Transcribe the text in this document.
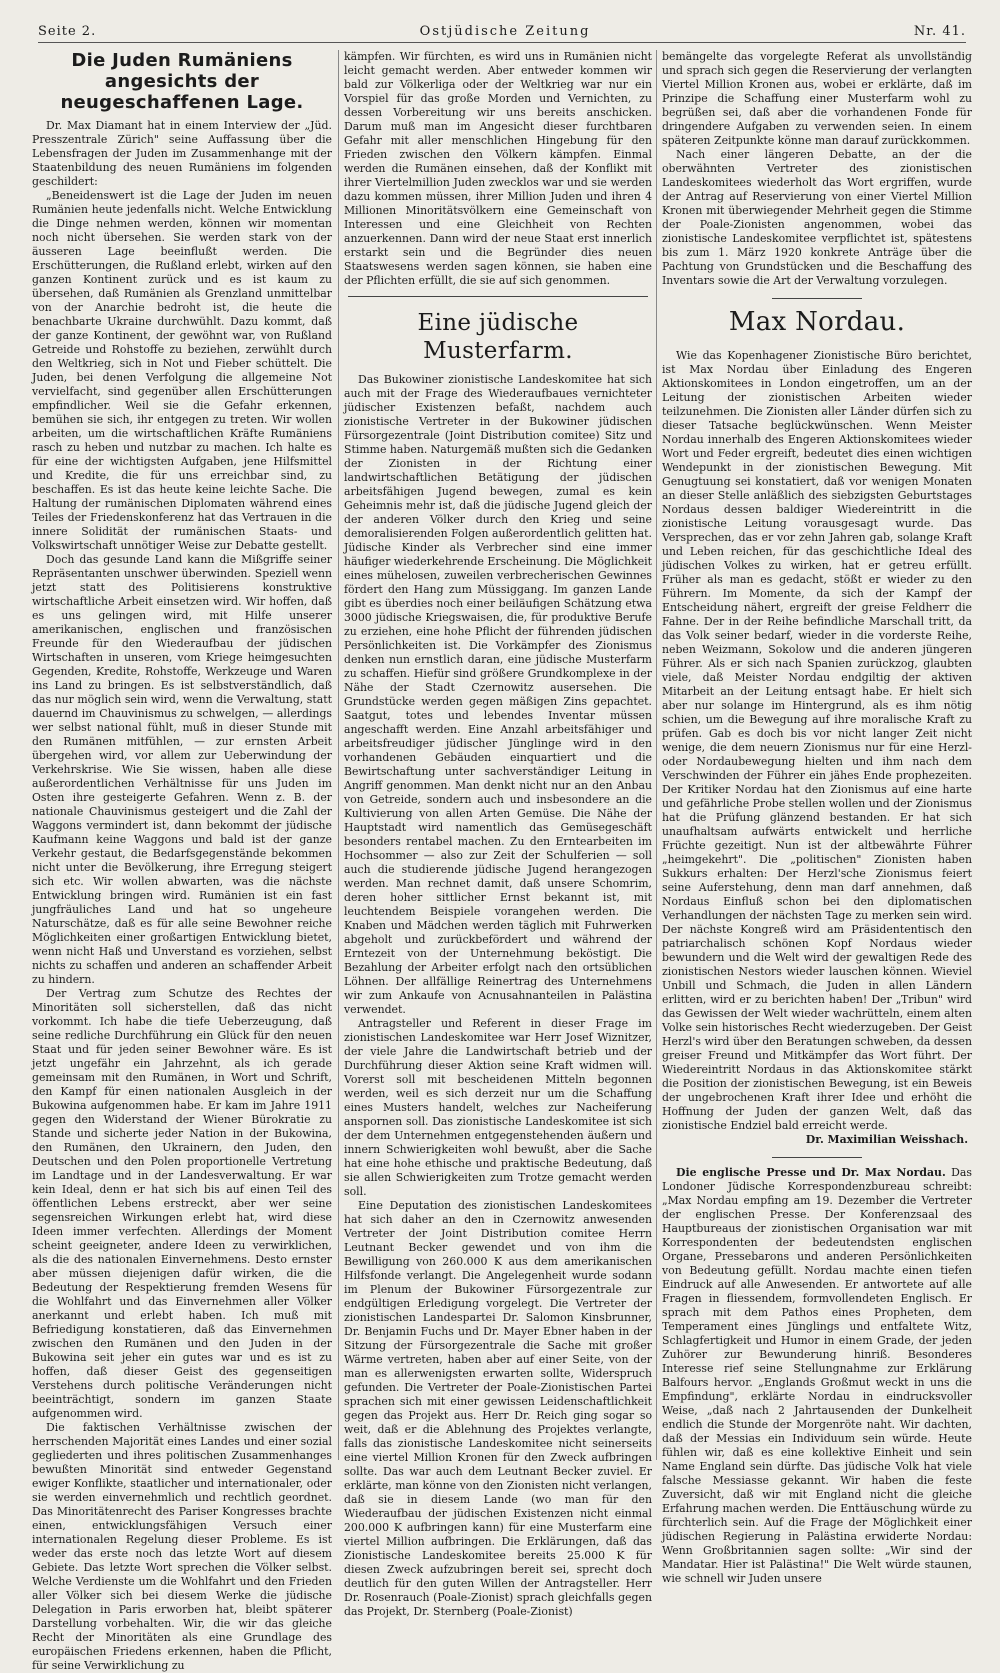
Seite 2.	Ostjüdische Zeitung	Nr. 41.
Die Juden Rumäniens angesichts der neugeschaffenen Lage.

Dr. Max Diamant hat in einem Interview der „Jüd. Presszentrale Zürich" seine Auffassung über die Lebensfragen der Juden im Zusammenhange mit der Staatenbildung des neuen Rumäniens im folgenden geschildert:

„Beneidenswert ist die Lage der Juden im neuen Rumänien heute jedenfalls nicht. Welche Entwicklung die Dinge nehmen werden, können wir momentan noch nicht übersehen. Sie werden stark von der äusseren Lage beeinflußt werden. Die Erschütterungen, die Rußland erlebt, wirken auf den ganzen Kontinent zurück und es ist kaum zu übersehen, daß Rumänien als Grenzland unmittelbar von der Anarchie bedroht ist, die heute die benachbarte Ukraine durchwühlt. Dazu kommt, daß der ganze Kontinent, der gewöhnt war, von Rußland Getreide und Rohstoffe zu beziehen, zerwühlt durch den Weltkrieg, sich in Not und Fieber schüttelt. Die Juden, bei denen Verfolgung die allgemeine Not vervielfacht, sind gegenüber allen Erschütterungen empfindlicher. Weil sie die Gefahr erkennen, bemühen sie sich, ihr entgegen zu treten. Wir wollen arbeiten, um die wirtschaftlichen Kräfte Rumäniens rasch zu heben und nutzbar zu machen. Ich halte es für eine der wichtigsten Aufgaben, jene Hilfsmittel und Kredite, die für uns erreichbar sind, zu beschaffen. Es ist das heute keine leichte Sache. Die Haltung der rumänischen Diplomaten während eines Teiles der Friedenskonferenz hat das Vertrauen in die innere Solidität der rumänischen Staats- und Volkswirtschaft unnötiger Weise zur Debatte gestellt.

Doch das gesunde Land kann die Mißgriffe seiner Repräsentanten unschwer überwinden. Speziell wenn jetzt statt des Politisierens konstruktive wirtschaftliche Arbeit einsetzen wird. Wir hoffen, daß es uns gelingen wird, mit Hilfe unserer amerikanischen, englischen und französischen Freunde für den Wiederaufbau der jüdischen Wirtschaften in unseren, vom Kriege heimgesuchten Gegenden, Kredite, Rohstoffe, Werkzeuge und Waren ins Land zu bringen. Es ist selbstverständlich, daß das nur möglich sein wird, wenn die Verwaltung, statt dauernd im Chauvinismus zu schwelgen, — allerdings wer selbst national fühlt, muß in dieser Stunde mit den Rumänen mitfühlen, — zur ernsten Arbeit übergehen wird, vor allem zur Ueberwindung der Verkehrskrise. Wie Sie wissen, haben alle diese außerordentlichen Verhältnisse für uns Juden im Osten ihre gesteigerte Gefahren. Wenn z. B. der nationale Chauvinismus gesteigert und die Zahl der Waggons vermindert ist, dann bekommt der jüdische Kaufmann keine Waggons und bald ist der ganze Verkehr gestaut, die Bedarfsgegenstände bekommen nicht unter die Bevölkerung, ihre Erregung steigert sich etc. Wir wollen abwarten, was die nächste Entwicklung bringen wird. Rumänien ist ein fast jungfräuliches Land und hat so ungeheure Naturschätze, daß es für alle seine Bewohner reiche Möglichkeiten einer großartigen Entwicklung bietet, wenn nicht Haß und Unverstand es vorziehen, selbst nichts zu schaffen und anderen an schaffender Arbeit zu hindern.

Der Vertrag zum Schutze des Rechtes der Minoritäten soll sicherstellen, daß das nicht vorkommt. Ich habe die tiefe Ueberzeugung, daß seine redliche Durchführung ein Glück für den neuen Staat und für jeden seiner Bewohner wäre. Es ist jetzt ungefähr ein Jahrzehnt, als ich gerade gemeinsam mit den Rumänen, in Wort und Schrift, den Kampf für einen nationalen Ausgleich in der Bukowina aufgenommen habe. Er kam im Jahre 1911 gegen den Widerstand der Wiener Bürokratie zu Stande und sicherte jeder Nation in der Bukowina, den Rumänen, den Ukrainern, den Juden, den Deutschen und den Polen proportionelle Vertretung im Landtage und in der Landesverwaltung. Er war kein Ideal, denn er hat sich bis auf einen Teil des öffentlichen Lebens erstreckt, aber wer seine segensreichen Wirkungen erlebt hat, wird diese Ideen immer verfechten. Allerdings der Moment scheint geeigneter, andere Ideen zu verwirklichen, als die des nationalen Einvernehmens. Desto ernster aber müssen diejenigen dafür wirken, die die Bedeutung der Respektierung fremden Wesens für die Wohlfahrt und das Einvernehmen aller Völker anerkannt und erlebt haben. Ich muß mit Befriedigung konstatieren, daß das Einvernehmen zwischen den Rumänen und den Juden in der Bukowina seit jeher ein gutes war und es ist zu hoffen, daß dieser Geist des gegenseitigen Verstehens durch politische Veränderungen nicht beeinträchtigt, sondern im ganzen Staate aufgenommen wird.

Die faktischen Verhältnisse zwischen der herrschenden Majorität eines Landes und einer sozial gegliederten und ihres politischen Zusammenhanges bewußten Minorität sind entweder Gegenstand ewiger Konflikte, staatlicher und internationaler, oder sie werden einvernehmlich und rechtlich geordnet. Das Minoritätenrecht des Pariser Kongresses brachte einen, entwicklungsfähigen Versuch einer internationalen Regelung dieser Probleme. Es ist weder das erste noch das letzte Wort auf diesem Gebiete. Das letzte Wort sprechen die Völker selbst. Welche Verdienste um die Wohlfahrt und den Frieden aller Völker sich bei diesem Werke die jüdische Delegation in Paris erworben hat, bleibt späterer Darstellung vorbehalten. Wir, die wir das gleiche Recht der Minoritäten als eine Grundlage des europäischen Friedens erkennen, haben die Pflicht, für seine Verwirklichung zu

kämpfen. Wir fürchten, es wird uns in Rumänien nicht leicht gemacht werden. Aber entweder kommen wir bald zur Völkerliga oder der Weltkrieg war nur ein Vorspiel für das große Morden und Vernichten, zu dessen Vorbereitung wir uns bereits anschicken. Darum muß man im Angesicht dieser furchtbaren Gefahr mit aller menschlichen Hingebung für den Frieden zwischen den Völkern kämpfen. Einmal werden die Rumänen einsehen, daß der Konflikt mit ihrer Viertelmillion Juden zwecklos war und sie werden dazu kommen müssen, ihrer Million Juden und ihren 4 Millionen Minoritätsvölkern eine Gemeinschaft von Interessen und eine Gleichheit von Rechten anzuerkennen. Dann wird der neue Staat erst innerlich erstarkt sein und die Begründer dies neuen Staatswesens werden sagen können, sie haben eine der Pflichten erfüllt, die sie auf sich genommen.

Eine jüdische Musterfarm.

Das Bukowiner zionistische Landeskomitee hat sich auch mit der Frage des Wiederaufbaues vernichteter jüdischer Existenzen befaßt, nachdem auch zionistische Vertreter in der Bukowiner jüdischen Fürsorgezentrale (Joint Distribution comitee) Sitz und Stimme haben. Naturgemäß mußten sich die Gedanken der Zionisten in der Richtung einer landwirtschaftlichen Betätigung der jüdischen arbeitsfähigen Jugend bewegen, zumal es kein Geheimnis mehr ist, daß die jüdische Jugend gleich der der anderen Völker durch den Krieg und seine demoralisierenden Folgen außerordentlich gelitten hat. Jüdische Kinder als Verbrecher sind eine immer häufiger wiederkehrende Erscheinung. Die Möglichkeit eines mühelosen, zuweilen verbrecherischen Gewinnes fördert den Hang zum Müssiggang. Im ganzen Lande gibt es überdies noch einer beiläufigen Schätzung etwa 3000 jüdische Kriegswaisen, die, für produktive Berufe zu erziehen, eine hohe Pflicht der führenden jüdischen Persönlichkeiten ist. Die Vorkämpfer des Zionismus denken nun ernstlich daran, eine jüdische Musterfarm zu schaffen. Hiefür sind größere Grundkomplexe in der Nähe der Stadt Czernowitz ausersehen. Die Grundstücke werden gegen mäßigen Zins gepachtet. Saatgut, totes und lebendes Inventar müssen angeschafft werden. Eine Anzahl arbeitsfähiger und arbeitsfreudiger jüdischer Jünglinge wird in den vorhandenen Gebäuden einquartiert und die Bewirtschaftung unter sachverständiger Leitung in Angriff genommen. Man denkt nicht nur an den Anbau von Getreide, sondern auch und insbesondere an die Kultivierung von allen Arten Gemüse. Die Nähe der Hauptstadt wird namentlich das Gemüsegeschäft besonders rentabel machen. Zu den Erntearbeiten im Hochsommer — also zur Zeit der Schulferien — soll auch die studierende jüdische Jugend herangezogen werden. Man rechnet damit, daß unsere Schomrim, deren hoher sittlicher Ernst bekannt ist, mit leuchtendem Beispiele vorangehen werden. Die Knaben und Mädchen werden täglich mit Fuhrwerken abgeholt und zurückbefördert und während der Erntezeit von der Unternehmung beköstigt. Die Bezahlung der Arbeiter erfolgt nach den ortsüblichen Löhnen. Der allfällige Reinertrag des Unternehmens wir zum Ankaufe von Acnusahnanteilen in Palästina verwendet.

Antragsteller und Referent in dieser Frage im zionistischen Landeskomitee war Herr Josef Wiznitzer, der viele Jahre die Landwirtschaft betrieb und der Durchführung dieser Aktion seine Kraft widmen will. Vorerst soll mit bescheidenen Mitteln begonnen werden, weil es sich derzeit nur um die Schaffung eines Musters handelt, welches zur Nacheiferung anspornen soll. Das zionistische Landeskomitee ist sich der dem Unternehmen entgegenstehenden äußern und innern Schwierigkeiten wohl bewußt, aber die Sache hat eine hohe ethische und praktische Bedeutung, daß sie allen Schwierigkeiten zum Trotze gemacht werden soll.

Eine Deputation des zionistischen Landeskomitees hat sich daher an den in Czernowitz anwesenden Vertreter der Joint Distribution comitee Herrn Leutnant Becker gewendet und von ihm die Bewilligung von 260.000 K aus dem amerikanischen Hilfsfonde verlangt. Die Angelegenheit wurde sodann im Plenum der Bukowiner Fürsorgezentrale zur endgültigen Erledigung vorgelegt. Die Vertreter der zionistischen Landespartei Dr. Salomon Kinsbrunner, Dr. Benjamin Fuchs und Dr. Mayer Ebner haben in der Sitzung der Fürsorgezentrale die Sache mit großer Wärme vertreten, haben aber auf einer Seite, von der man es allerwenigsten erwarten sollte, Widerspruch gefunden. Die Vertreter der Poale-Zionistischen Partei sprachen sich mit einer gewissen Leidenschaftlichkeit gegen das Projekt aus. Herr Dr. Reich ging sogar so weit, daß er die Ablehnung des Projektes verlangte, falls das zionistische Landeskomitee nicht seinerseits eine viertel Million Kronen für den Zweck aufbringen sollte. Das war auch dem Leutnant Becker zuviel. Er erklärte, man könne von den Zionisten nicht verlangen, daß sie in diesem Lande (wo man für den Wiederaufbau der jüdischen Existenzen nicht einmal 200.000 K aufbringen kann) für eine Musterfarm eine viertel Million aufbringen. Die Erklärungen, daß das Zionistische Landeskomitee bereits 25.000 K für diesen Zweck aufzubringen bereit sei, sprecht doch deutlich für den guten Willen der Antragsteller. Herr Dr. Rosenrauch (Poale-Zionist) sprach gleichfalls gegen das Projekt, Dr. Sternberg (Poale-Zionist)

bemängelte das vorgelegte Referat als unvollständig und sprach sich gegen die Reservierung der verlangten Viertel Million Kronen aus, wobei er erklärte, daß im Prinzipe die Schaffung einer Musterfarm wohl zu begrüßen sei, daß aber die vorhandenen Fonde für dringendere Aufgaben zu verwenden seien. In einem späteren Zeitpunkte könne man darauf zurückkommen.

Nach einer längeren Debatte, an der die oberwähnten Vertreter des zionistischen Landeskomitees wiederholt das Wort ergriffen, wurde der Antrag auf Reservierung von einer Viertel Million Kronen mit überwiegender Mehrheit gegen die Stimme der Poale-Zionisten angenommen, wobei das zionistische Landeskomitee verpflichtet ist, spätestens bis zum 1. März 1920 konkrete Anträge über die Pachtung von Grundstücken und die Beschaffung des Inventars sowie die Art der Verwaltung vorzulegen.

Max Nordau.

Wie das Kopenhagener Zionistische Büro berichtet, ist Max Nordau über Einladung des Engeren Aktionskomitees in London eingetroffen, um an der Leitung der zionistischen Arbeiten wieder teilzunehmen. Die Zionisten aller Länder dürfen sich zu dieser Tatsache beglückwünschen. Wenn Meister Nordau innerhalb des Engeren Aktionskomitees wieder Wort und Feder ergreift, bedeutet dies einen wichtigen Wendepunkt in der zionistischen Bewegung. Mit Genugtuung sei konstatiert, daß vor wenigen Monaten an dieser Stelle anläßlich des siebzigsten Geburtstages Nordaus dessen baldiger Wiedereintritt in die zionistische Leitung vorausgesagt wurde. Das Versprechen, das er vor zehn Jahren gab, solange Kraft und Leben reichen, für das geschichtliche Ideal des jüdischen Volkes zu wirken, hat er getreu erfüllt. Früher als man es gedacht, stößt er wieder zu den Führern. Im Momente, da sich der Kampf der Entscheidung nähert, ergreift der greise Feldherr die Fahne. Der in der Reihe befindliche Marschall tritt, da das Volk seiner bedarf, wieder in die vorderste Reihe, neben Weizmann, Sokolow und die anderen jüngeren Führer. Als er sich nach Spanien zurückzog, glaubten viele, daß Meister Nordau endgiltig der aktiven Mitarbeit an der Leitung entsagt habe. Er hielt sich aber nur solange im Hintergrund, als es ihm nötig schien, um die Bewegung auf ihre moralische Kraft zu prüfen. Gab es doch bis vor nicht langer Zeit nicht wenige, die dem neuern Zionismus nur für eine Herzl- oder Nordaubewegung hielten und ihm nach dem Verschwinden der Führer ein jähes Ende prophezeiten. Der Kritiker Nordau hat den Zionismus auf eine harte und gefährliche Probe stellen wollen und der Zionismus hat die Prüfung glänzend bestanden. Er hat sich unaufhaltsam aufwärts entwickelt und herrliche Früchte gezeitigt. Nun ist der altbewährte Führer „heimgekehrt". Die „politischen" Zionisten haben Sukkurs erhalten: Der Herzl'sche Zionismus feiert seine Auferstehung, denn man darf annehmen, daß Nordaus Einfluß schon bei den diplomatischen Verhandlungen der nächsten Tage zu merken sein wird. Der nächste Kongreß wird am Präsidententisch den patriarchalisch schönen Kopf Nordaus wieder bewundern und die Welt wird der gewaltigen Rede des zionistischen Nestors wieder lauschen können. Wieviel Unbill und Schmach, die Juden in allen Ländern erlitten, wird er zu berichten haben! Der „Tribun" wird das Gewissen der Welt wieder wachrütteln, einem alten Volke sein historisches Recht wiederzugeben. Der Geist Herzl's wird über den Beratungen schweben, da dessen greiser Freund und Mitkämpfer das Wort führt. Der Wiedereintritt Nordaus in das Aktionskomitee stärkt die Position der zionistischen Bewegung, ist ein Beweis der ungebrochenen Kraft ihrer Idee und erhöht die Hoffnung der Juden der ganzen Welt, daß das zionistische Endziel bald erreicht werde.

Dr. Maximilian Weisshach.

Die englische Presse und Dr. Max Nordau. Das Londoner Jüdische Korrespondenzbureau schreibt: „Max Nordau empfing am 19. Dezember die Vertreter der englischen Presse. Der Konferenzsaal des Hauptbureaus der zionistischen Organisation war mit Korrespondenten der bedeutendsten englischen Organe, Pressebarons und anderen Persönlichkeiten von Bedeutung gefüllt. Nordau machte einen tiefen Eindruck auf alle Anwesenden. Er antwortete auf alle Fragen in fliessendem, formvollendeten Englisch. Er sprach mit dem Pathos eines Propheten, dem Temperament eines Jünglings und entfaltete Witz, Schlagfertigkeit und Humor in einem Grade, der jeden Zuhörer zur Bewunderung hinriß. Besonderes Interesse rief seine Stellungnahme zur Erklärung Balfours hervor. „Englands Großmut weckt in uns die Empfindung", erklärte Nordau in eindrucksvoller Weise, „daß nach 2 Jahrtausenden der Dunkelheit endlich die Stunde der Morgenröte naht. Wir dachten, daß der Messias ein Individuum sein würde. Heute fühlen wir, daß es eine kollektive Einheit und sein Name England sein dürfte. Das jüdische Volk hat viele falsche Messiasse gekannt. Wir haben die feste Zuversicht, daß wir mit England nicht die gleiche Erfahrung machen werden. Die Enttäuschung würde zu fürchterlich sein. Auf die Frage der Möglichkeit einer jüdischen Regierung in Palästina erwiderte Nordau: Wenn Großbritannien sagen sollte: „Wir sind der Mandatar. Hier ist Palästina!" Die Welt würde staunen, wie schnell wir Juden unsere
